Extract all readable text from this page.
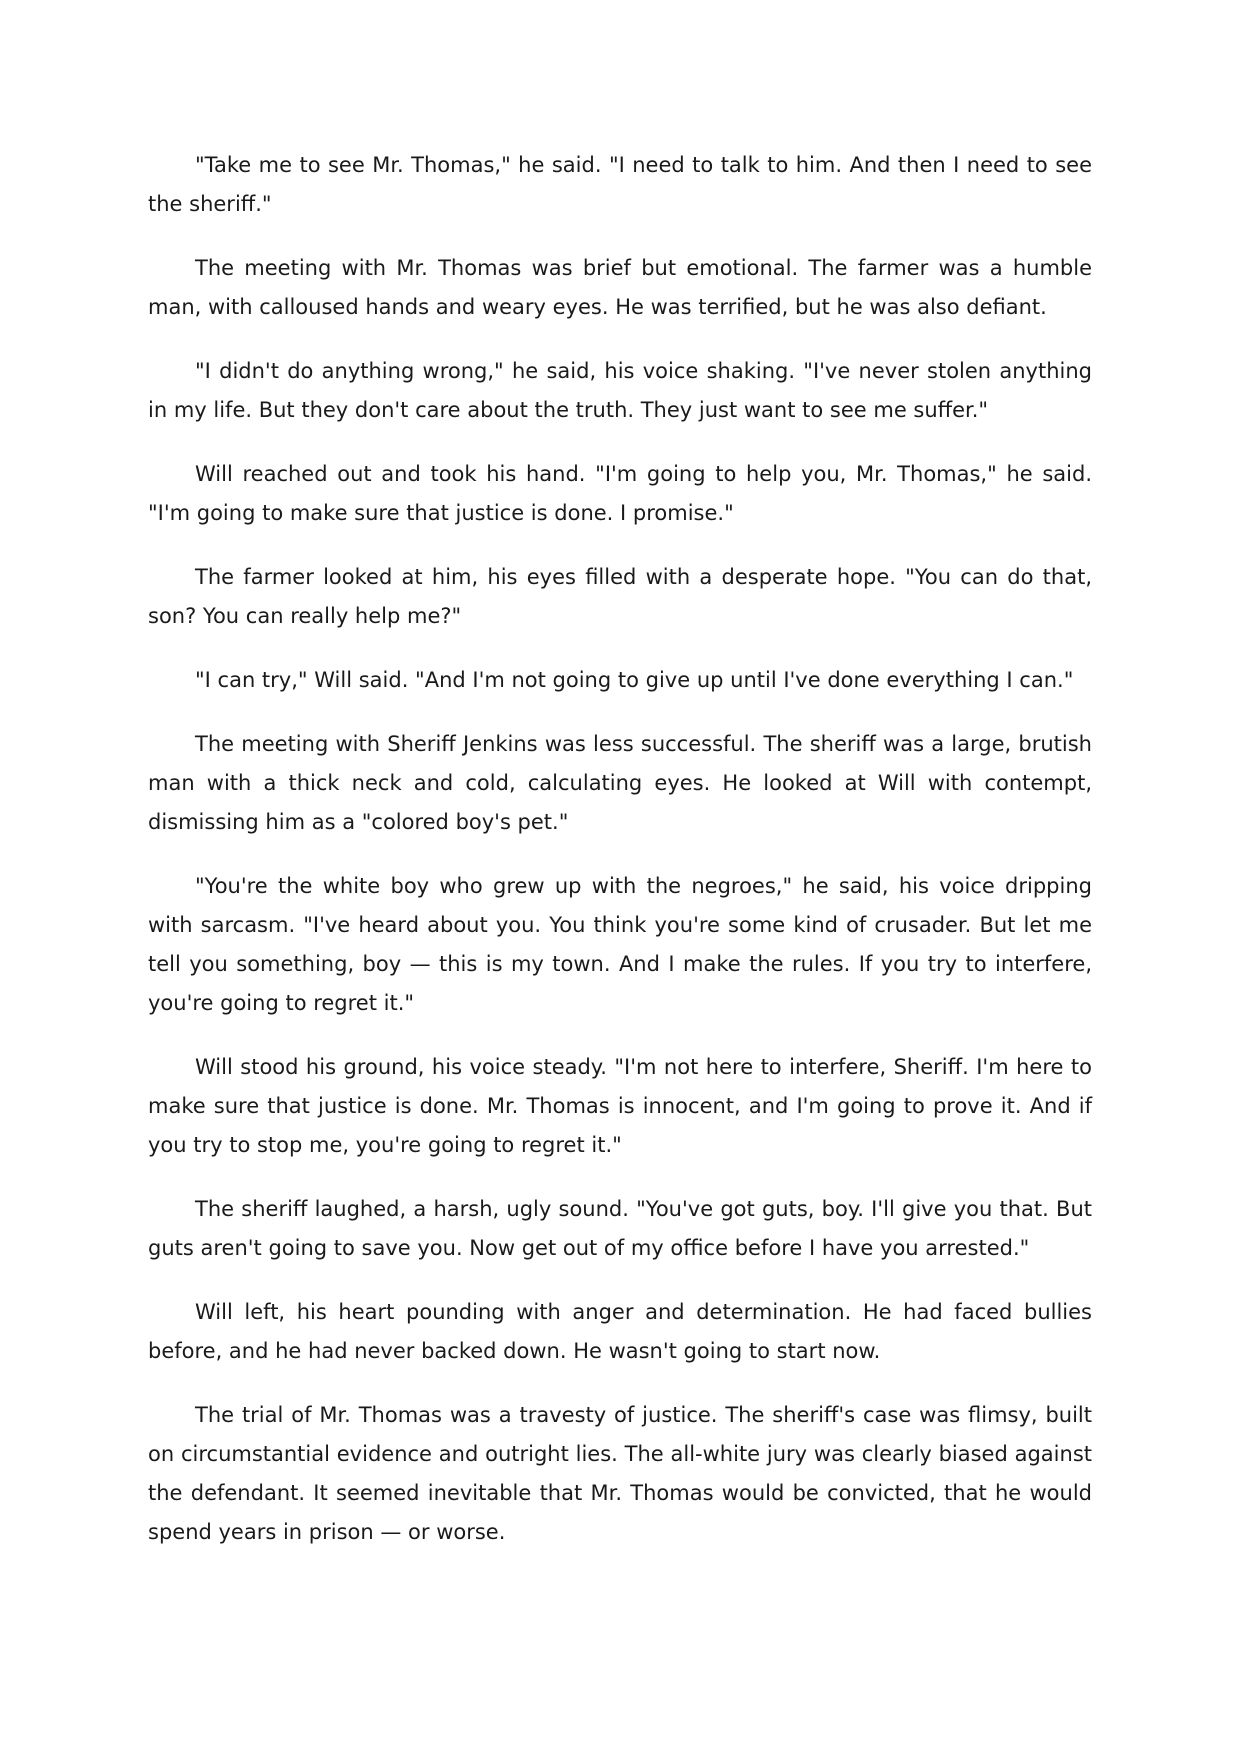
"Take me to see Mr. Thomas," he said. "I need to talk to him. And then I need to see the sheriff."

The meeting with Mr. Thomas was brief but emotional. The farmer was a humble man, with calloused hands and weary eyes. He was terrified, but he was also defiant.

"I didn't do anything wrong," he said, his voice shaking. "I've never stolen anything in my life. But they don't care about the truth. They just want to see me suffer."

Will reached out and took his hand. "I'm going to help you, Mr. Thomas," he said. "I'm going to make sure that justice is done. I promise."

The farmer looked at him, his eyes filled with a desperate hope. "You can do that, son? You can really help me?"

"I can try," Will said. "And I'm not going to give up until I've done everything I can."

The meeting with Sheriff Jenkins was less successful. The sheriff was a large, brutish man with a thick neck and cold, calculating eyes. He looked at Will with contempt, dismissing him as a "colored boy's pet."

"You're the white boy who grew up with the negroes," he said, his voice dripping with sarcasm. "I've heard about you. You think you're some kind of crusader. But let me tell you something, boy — this is my town. And I make the rules. If you try to interfere, you're going to regret it."

Will stood his ground, his voice steady. "I'm not here to interfere, Sheriff. I'm here to make sure that justice is done. Mr. Thomas is innocent, and I'm going to prove it. And if you try to stop me, you're going to regret it."

The sheriff laughed, a harsh, ugly sound. "You've got guts, boy. I'll give you that. But guts aren't going to save you. Now get out of my office before I have you arrested."

Will left, his heart pounding with anger and determination. He had faced bullies before, and he had never backed down. He wasn't going to start now.

The trial of Mr. Thomas was a travesty of justice. The sheriff's case was flimsy, built on circumstantial evidence and outright lies. The all-white jury was clearly biased against the defendant. It seemed inevitable that Mr. Thomas would be convicted, that he would spend years in prison — or worse.
